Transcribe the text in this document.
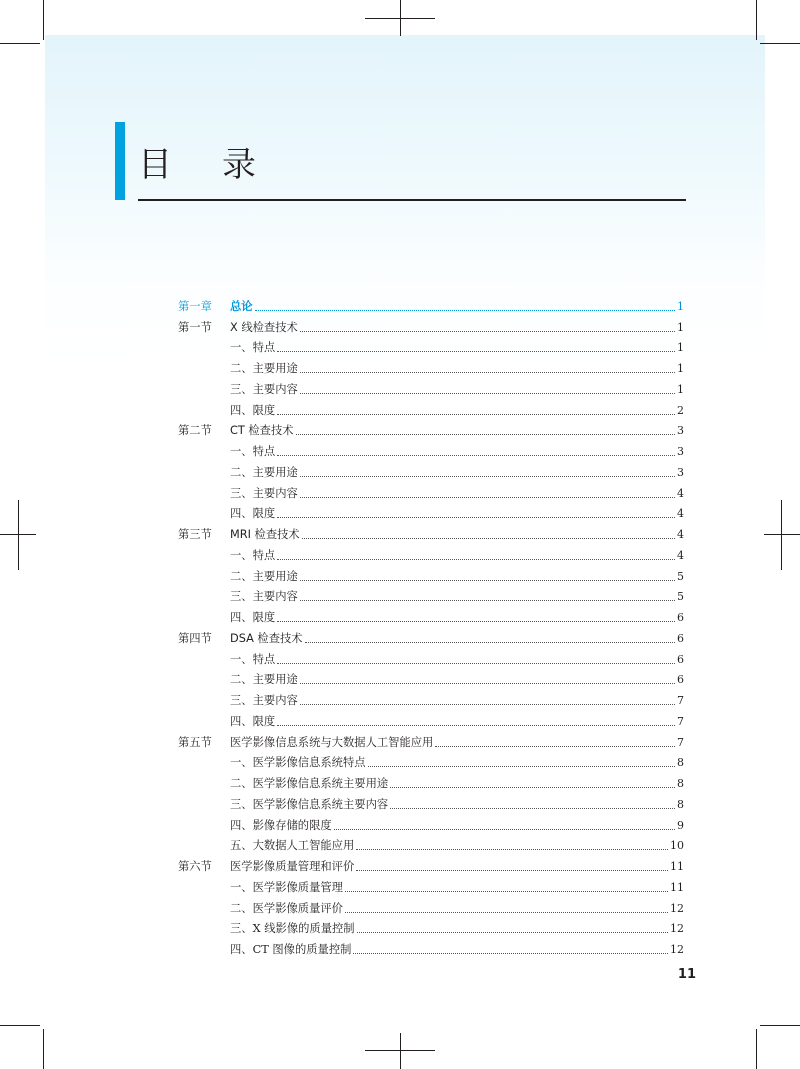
目录
第一章	总论	1
第一节	X 线检查技术	1
一、特点	1
二、主要用途	1
三、主要内容	1
四、限度	2
第二节	CT 检查技术	3
一、特点	3
二、主要用途	3
三、主要内容	4
四、限度	4
第三节	MRI 检查技术	4
一、特点	4
二、主要用途	5
三、主要内容	5
四、限度	6
第四节	DSA 检查技术	6
一、特点	6
二、主要用途	6
三、主要内容	7
四、限度	7
第五节	医学影像信息系统与大数据人工智能应用	7
一、医学影像信息系统特点	8
二、医学影像信息系统主要用途	8
三、医学影像信息系统主要内容	8
四、影像存储的限度	9
五、大数据人工智能应用	10
第六节	医学影像质量管理和评价	11
一、医学影像质量管理	11
二、医学影像质量评价	12
三、X 线影像的质量控制	12
四、CT 图像的质量控制	12
11
